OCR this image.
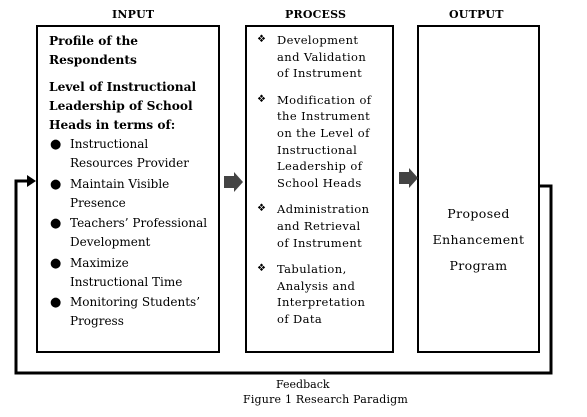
INPUT	PROCESS	OUTPUT
Profile of the
Respondents
Level of Instructional
Leadership of School
Heads in terms of:
● Instructional
Resources Provider
● Maintain Visible
Presence
● Teachers’ Professional
Development
● Maximize
Instructional Time
● Monitoring Students’
Progress
❖ Development
and Validation
of Instrument
❖ Modification of
the Instrument
on the Level of
Instructional
Leadership of
School Heads
❖ Administration
and Retrieval
of Instrument
❖ Tabulation,
Analysis and
Interpretation
of Data
Proposed
Enhancement
Program
Feedback
Figure 1 Research Paradigm
